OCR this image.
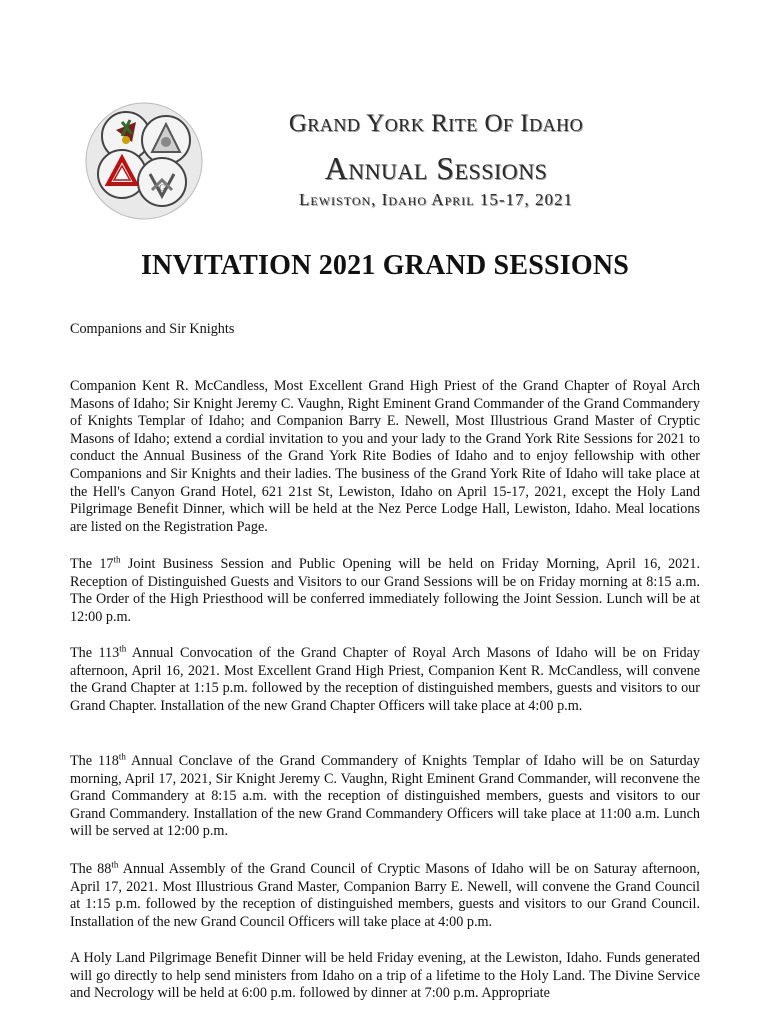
G
Grand York Rite Of Idaho
Annual Sessions
Lewiston, Idaho April 15-17, 2021
INVITATION 2021 GRAND SESSIONS
Companions and Sir Knights
Companion Kent R. McCandless, Most Excellent Grand High Priest of the Grand Chapter of Royal Arch Masons of Idaho; Sir Knight Jeremy C. Vaughn, Right Eminent Grand Commander of the Grand Commandery of Knights Templar of Idaho; and Companion Barry E. Newell, Most Illustrious Grand Master of Cryptic Masons of Idaho; extend a cordial invitation to you and your lady to the Grand York Rite Sessions for 2021 to conduct the Annual Business of the Grand York Rite Bodies of Idaho and to enjoy fellowship with other Companions and Sir Knights and their ladies. The business of the Grand York Rite of Idaho will take place at the Hell's Canyon Grand Hotel, 621 21st St, Lewiston, Idaho on April 15-17, 2021, except the Holy Land Pilgrimage Benefit Dinner, which will be held at the Nez Perce Lodge Hall, Lewiston, Idaho. Meal locations are listed on the Registration Page.
The 17th Joint Business Session and Public Opening will be held on Friday Morning, April 16, 2021. Reception of Distinguished Guests and Visitors to our Grand Sessions will be on Friday morning at 8:15 a.m. The Order of the High Priesthood will be conferred immediately following the Joint Session. Lunch will be at 12:00 p.m.
The 113th Annual Convocation of the Grand Chapter of Royal Arch Masons of Idaho will be on Friday afternoon, April 16, 2021. Most Excellent Grand High Priest, Companion Kent R. McCandless, will convene the Grand Chapter at 1:15 p.m. followed by the reception of distinguished members, guests and visitors to our Grand Chapter. Installation of the new Grand Chapter Officers will take place at 4:00 p.m.
The 118th Annual Conclave of the Grand Commandery of Knights Templar of Idaho will be on Saturday morning, April 17, 2021, Sir Knight Jeremy C. Vaughn, Right Eminent Grand Commander, will reconvene the Grand Commandery at 8:15 a.m. with the reception of distinguished members, guests and visitors to our Grand Commandery. Installation of the new Grand Commandery Officers will take place at 11:00 a.m. Lunch will be served at 12:00 p.m.
The 88th Annual Assembly of the Grand Council of Cryptic Masons of Idaho will be on Saturay afternoon, April 17, 2021. Most Illustrious Grand Master, Companion Barry E. Newell, will convene the Grand Council at 1:15 p.m. followed by the reception of distinguished members, guests and visitors to our Grand Council. Installation of the new Grand Council Officers will take place at 4:00 p.m.
A Holy Land Pilgrimage Benefit Dinner will be held Friday evening, at the Lewiston, Idaho. Funds generated will go directly to help send ministers from Idaho on a trip of a lifetime to the Holy Land. The Divine Service and Necrology will be held at 6:00 p.m. followed by dinner at 7:00 p.m. Appropriate
